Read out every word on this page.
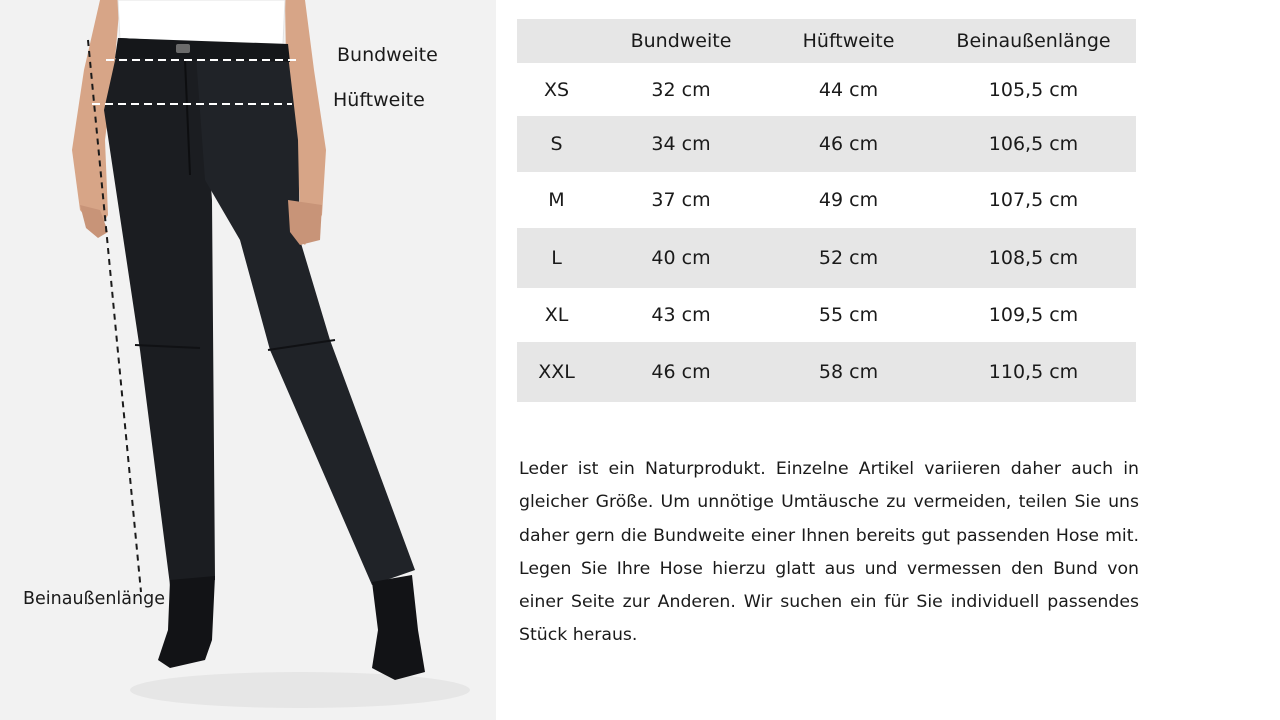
Bundweite
Hüftweite
Beinaußenlänge
	Bundweite	Hüftweite	Beinaußenlänge
XS	32 cm	44 cm	105,5 cm
S	34 cm	46 cm	106,5 cm
M	37 cm	49 cm	107,5 cm
L	40 cm	52 cm	108,5 cm
XL	43 cm	55 cm	109,5 cm
XXL	46 cm	58 cm	110,5 cm

Leder ist ein Naturprodukt. Einzelne Artikel variieren daher auch in gleicher Größe. Um unnötige Umtäusche zu vermeiden, teilen Sie uns daher gern die Bundweite einer Ihnen bereits gut passenden Hose mit. Legen Sie Ihre Hose hierzu glatt aus und vermessen den Bund von einer Seite zur Anderen. Wir suchen ein für Sie individuell passendes Stück heraus.
